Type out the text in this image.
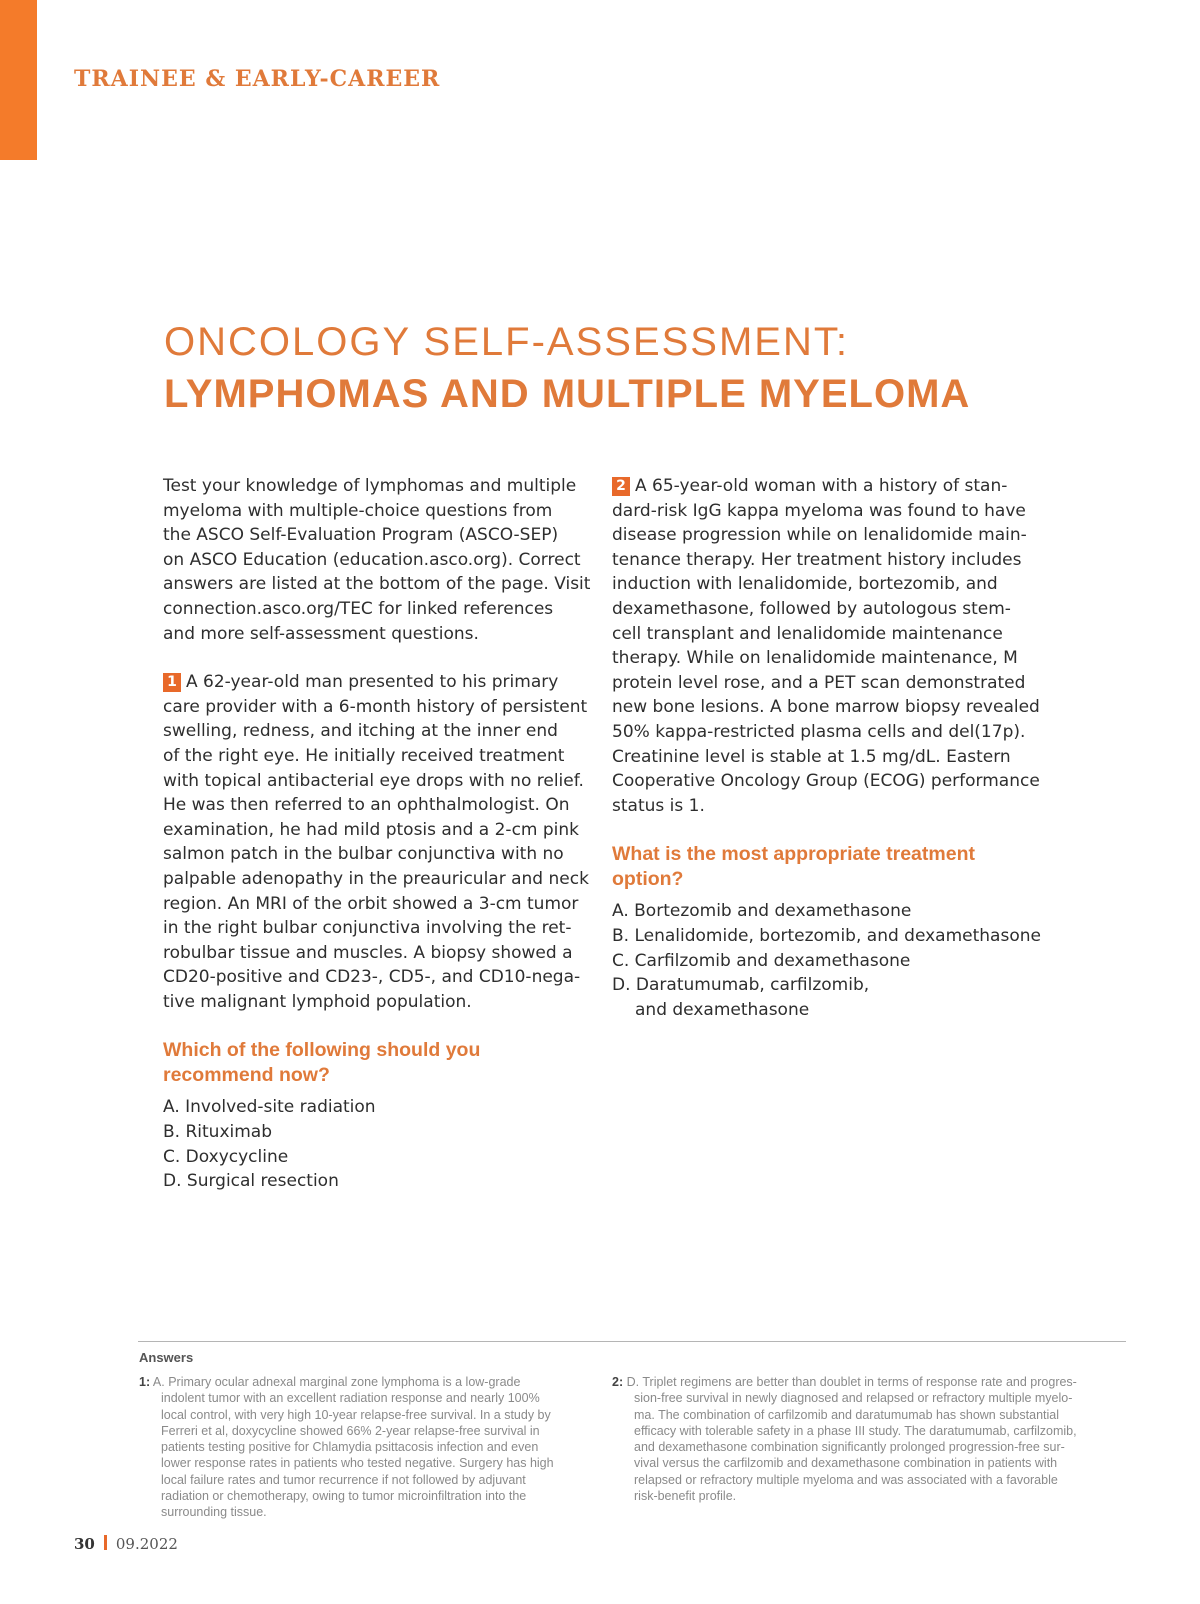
TRAINEE & EARLY-CAREER
ONCOLOGY SELF-ASSESSMENT:
LYMPHOMAS AND MULTIPLE MYELOMA

Test your knowledge of lymphomas and multiple
myeloma with multiple-choice questions from
the ASCO Self-Evaluation Program (ASCO-SEP)
on ASCO Education (education.asco.org). Correct
answers are listed at the bottom of the page. Visit
connection.asco.org/TEC for linked references
and more self-assessment questions.

1 A 62-year-old man presented to his primary
care provider with a 6-month history of persistent
swelling, redness, and itching at the inner end
of the right eye. He initially received treatment
with topical antibacterial eye drops with no relief.
He was then referred to an ophthalmologist. On
examination, he had mild ptosis and a 2-cm pink
salmon patch in the bulbar conjunctiva with no
palpable adenopathy in the preauricular and neck
region. An MRI of the orbit showed a 3-cm tumor
in the right bulbar conjunctiva involving the ret-
robulbar tissue and muscles. A biopsy showed a
CD20-positive and CD23-, CD5-, and CD10-nega-
tive malignant lymphoid population.

Which of the following should you
recommend now?
A. Involved-site radiation
B. Rituximab
C. Doxycycline
D. Surgical resection

2 A 65-year-old woman with a history of stan-
dard-risk IgG kappa myeloma was found to have
disease progression while on lenalidomide main-
tenance therapy. Her treatment history includes
induction with lenalidomide, bortezomib, and
dexamethasone, followed by autologous stem-
cell transplant and lenalidomide maintenance
therapy. While on lenalidomide maintenance, M
protein level rose, and a PET scan demonstrated
new bone lesions. A bone marrow biopsy revealed
50% kappa-restricted plasma cells and del(17p).
Creatinine level is stable at 1.5 mg/dL. Eastern
Cooperative Oncology Group (ECOG) performance
status is 1.

What is the most appropriate treatment
option?
A. Bortezomib and dexamethasone
B. Lenalidomide, bortezomib, and dexamethasone
C. Carfilzomib and dexamethasone
D. Daratumumab, carfilzomib,
and dexamethasone
Answers

1: A. Primary ocular adnexal marginal zone lymphoma is a low-grade
indolent tumor with an excellent radiation response and nearly 100%
local control, with very high 10-year relapse-free survival. In a study by
Ferreri et al, doxycycline showed 66% 2-year relapse-free survival in
patients testing positive for Chlamydia psittacosis infection and even
lower response rates in patients who tested negative. Surgery has high
local failure rates and tumor recurrence if not followed by adjuvant
radiation or chemotherapy, owing to tumor microinfiltration into the
surrounding tissue.

2: D. Triplet regimens are better than doublet in terms of response rate and progres-
sion-free survival in newly diagnosed and relapsed or refractory multiple myelo-
ma. The combination of carfilzomib and daratumumab has shown substantial
efficacy with tolerable safety in a phase III study. The daratumumab, carfilzomib,
and dexamethasone combination significantly prolonged progression-free sur-
vival versus the carfilzomib and dexamethasone combination in patients with
relapsed or refractory multiple myeloma and was associated with a favorable
risk-benefit profile.

30 09.2022
